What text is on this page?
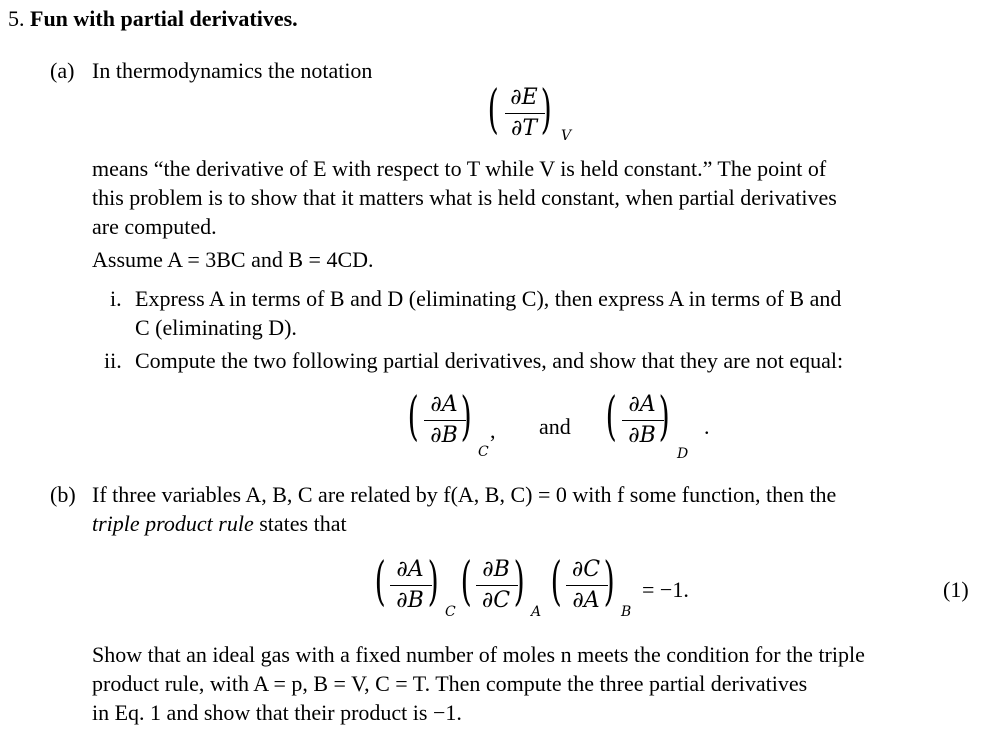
5. Fun with partial derivatives.
(a) In thermodynamics the notation
( ∂E
∂T ) V
means “the derivative of E with respect to T while V is held constant.” The point of
this problem is to show that it matters what is held constant, when partial derivatives
are computed.
Assume A = 3BC and B = 4CD.
i. Express A in terms of B and D (eliminating C), then express A in terms of B and
C (eliminating D).
ii. Compute the two following partial derivatives, and show that they are not equal:
( ∂A
∂B )
C
, and ( ∂A
∂B )
D
.
(b) If three variables A, B, C are related by f(A, B, C) = 0 with f some function, then the
triple product rule states that
( ∂A
∂B ) C ( ∂B
∂C ) A ( ∂C
∂A ) B
= −1.	(1)
Show that an ideal gas with a fixed number of moles n meets the condition for the triple
product rule, with A = p, B = V, C = T. Then compute the three partial derivatives
in Eq. 1 and show that their product is −1.
